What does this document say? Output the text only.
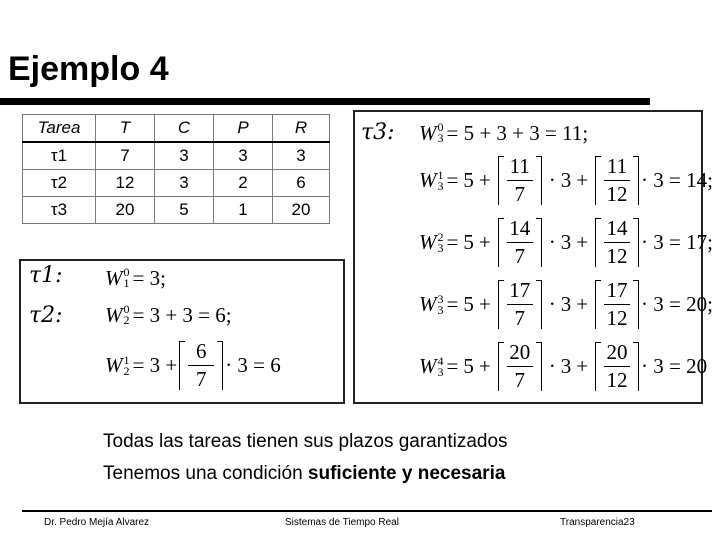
Ejemplo 4
Tarea	T	C	P	R
τ1	7	3	3	3
τ2	12	3	2	6
τ3	20	5	1	20
τ1: W 0
1 = 3;
τ2: W 0
2 = 3 + 3 = 6;
W 1
$2 = 3 + \frac{6}{7} \cdot 3 = 6$
τ3: W 0
3 = 5 + 3 + 3 = 11;
W 1
$3 = 5 + \frac{11}{7} \cdot 3 + \frac{11}{12} \cdot 3 = 14$;
W 2
$3 = 5 + \frac{14}{7} \cdot 3 + \frac{14}{12} \cdot 3 = 17$;
W 3
$3 = 5 + \frac{17}{7} \cdot 3 + \frac{17}{12} \cdot 3 = 20$;
W 4
$3 = 5 + \frac{20}{7} \cdot 3 + \frac{20}{12} \cdot 3 = 20$
Todas las tareas tienen sus plazos garantizados
Tenemos una condición suficiente y necesaria
Dr. Pedro Mejía Alvarez	Sistemas de Tiempo Real	Transparencia23
